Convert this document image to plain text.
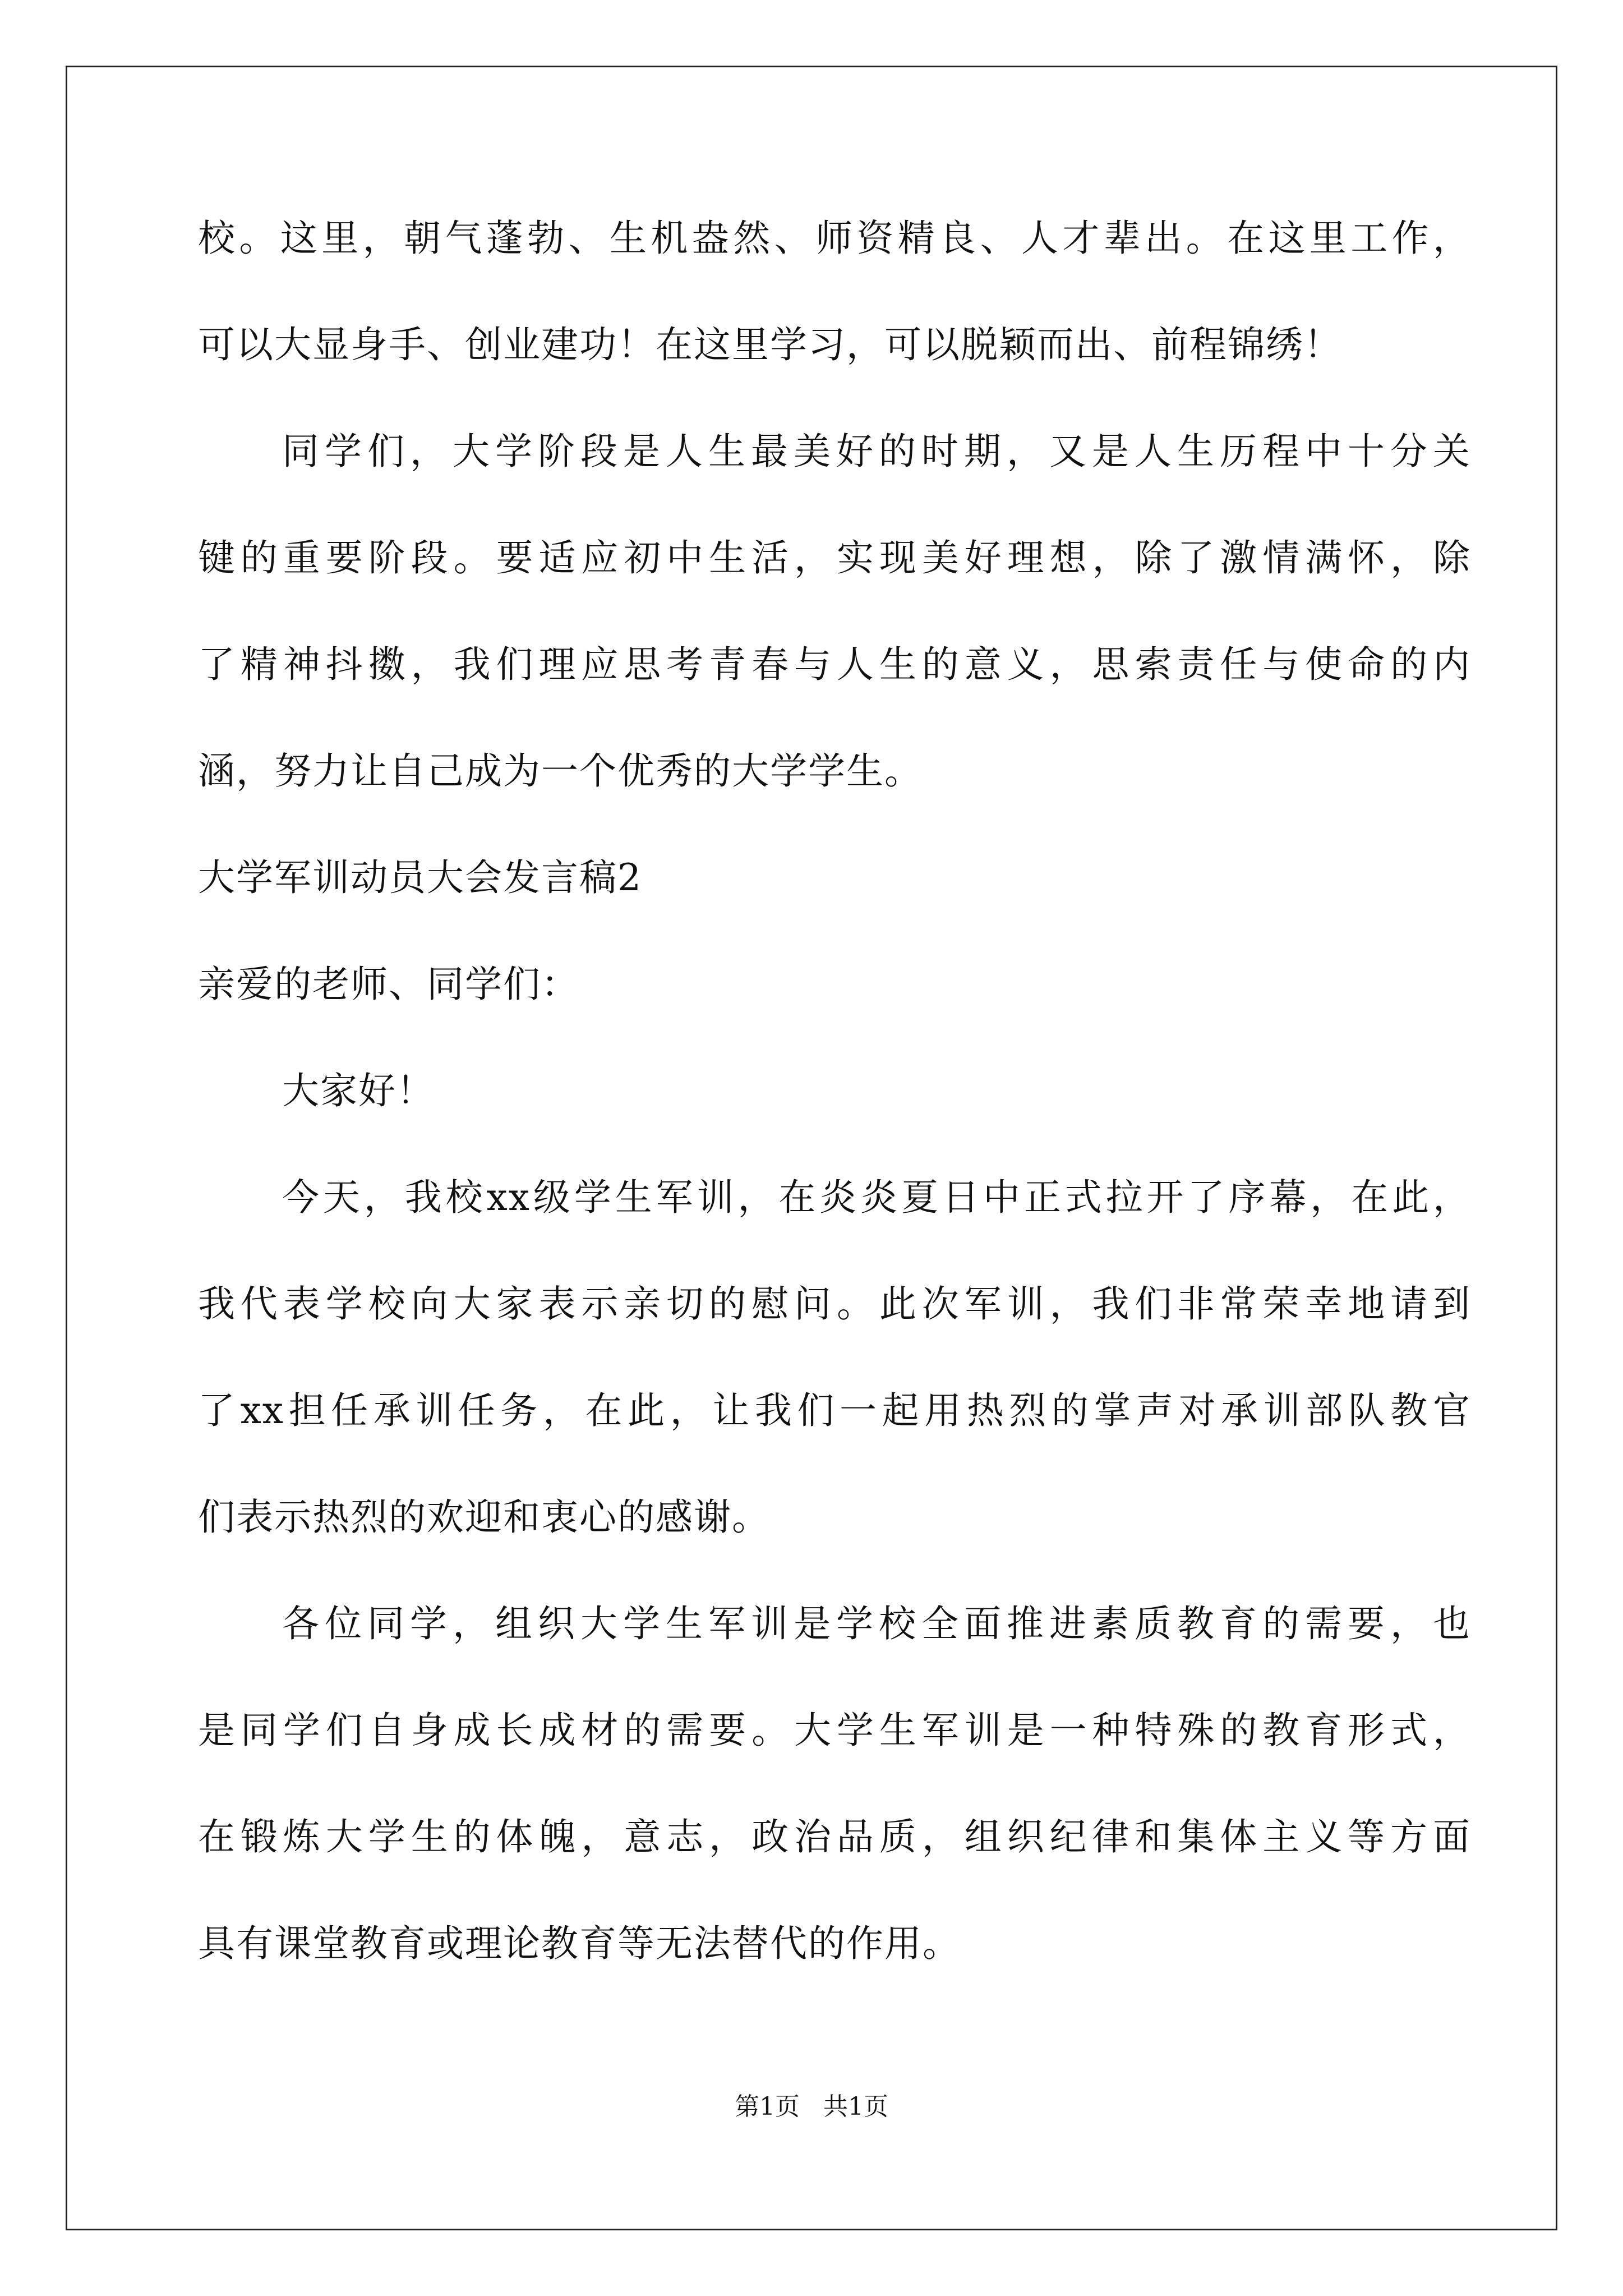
校。这里，朝气蓬勃、生机盎然、师资精良、人才辈出。在这里工作，
可以大显身手、创业建功！在这里学习，可以脱颖而出、前程锦绣！
同学们，大学阶段是人生最美好的时期，又是人生历程中十分关
键的重要阶段。要适应初中生活，实现美好理想，除了激情满怀，除
了精神抖擞，我们理应思考青春与人生的意义，思索责任与使命的内
涵，努力让自己成为一个优秀的大学学生。
大学军训动员大会发言稿2
亲爱的老师、同学们：
大家好！
今天，我校xx级学生军训，在炎炎夏日中正式拉开了序幕，在此，
我代表学校向大家表示亲切的慰问。此次军训，我们非常荣幸地请到
了xx担任承训任务，在此，让我们一起用热烈的掌声对承训部队教官
们表示热烈的欢迎和衷心的感谢。
各位同学，组织大学生军训是学校全面推进素质教育的需要，也
是同学们自身成长成材的需要。大学生军训是一种特殊的教育形式，
在锻炼大学生的体魄，意志，政治品质，组织纪律和集体主义等方面
具有课堂教育或理论教育等无法替代的作用。
第1页   共1页
